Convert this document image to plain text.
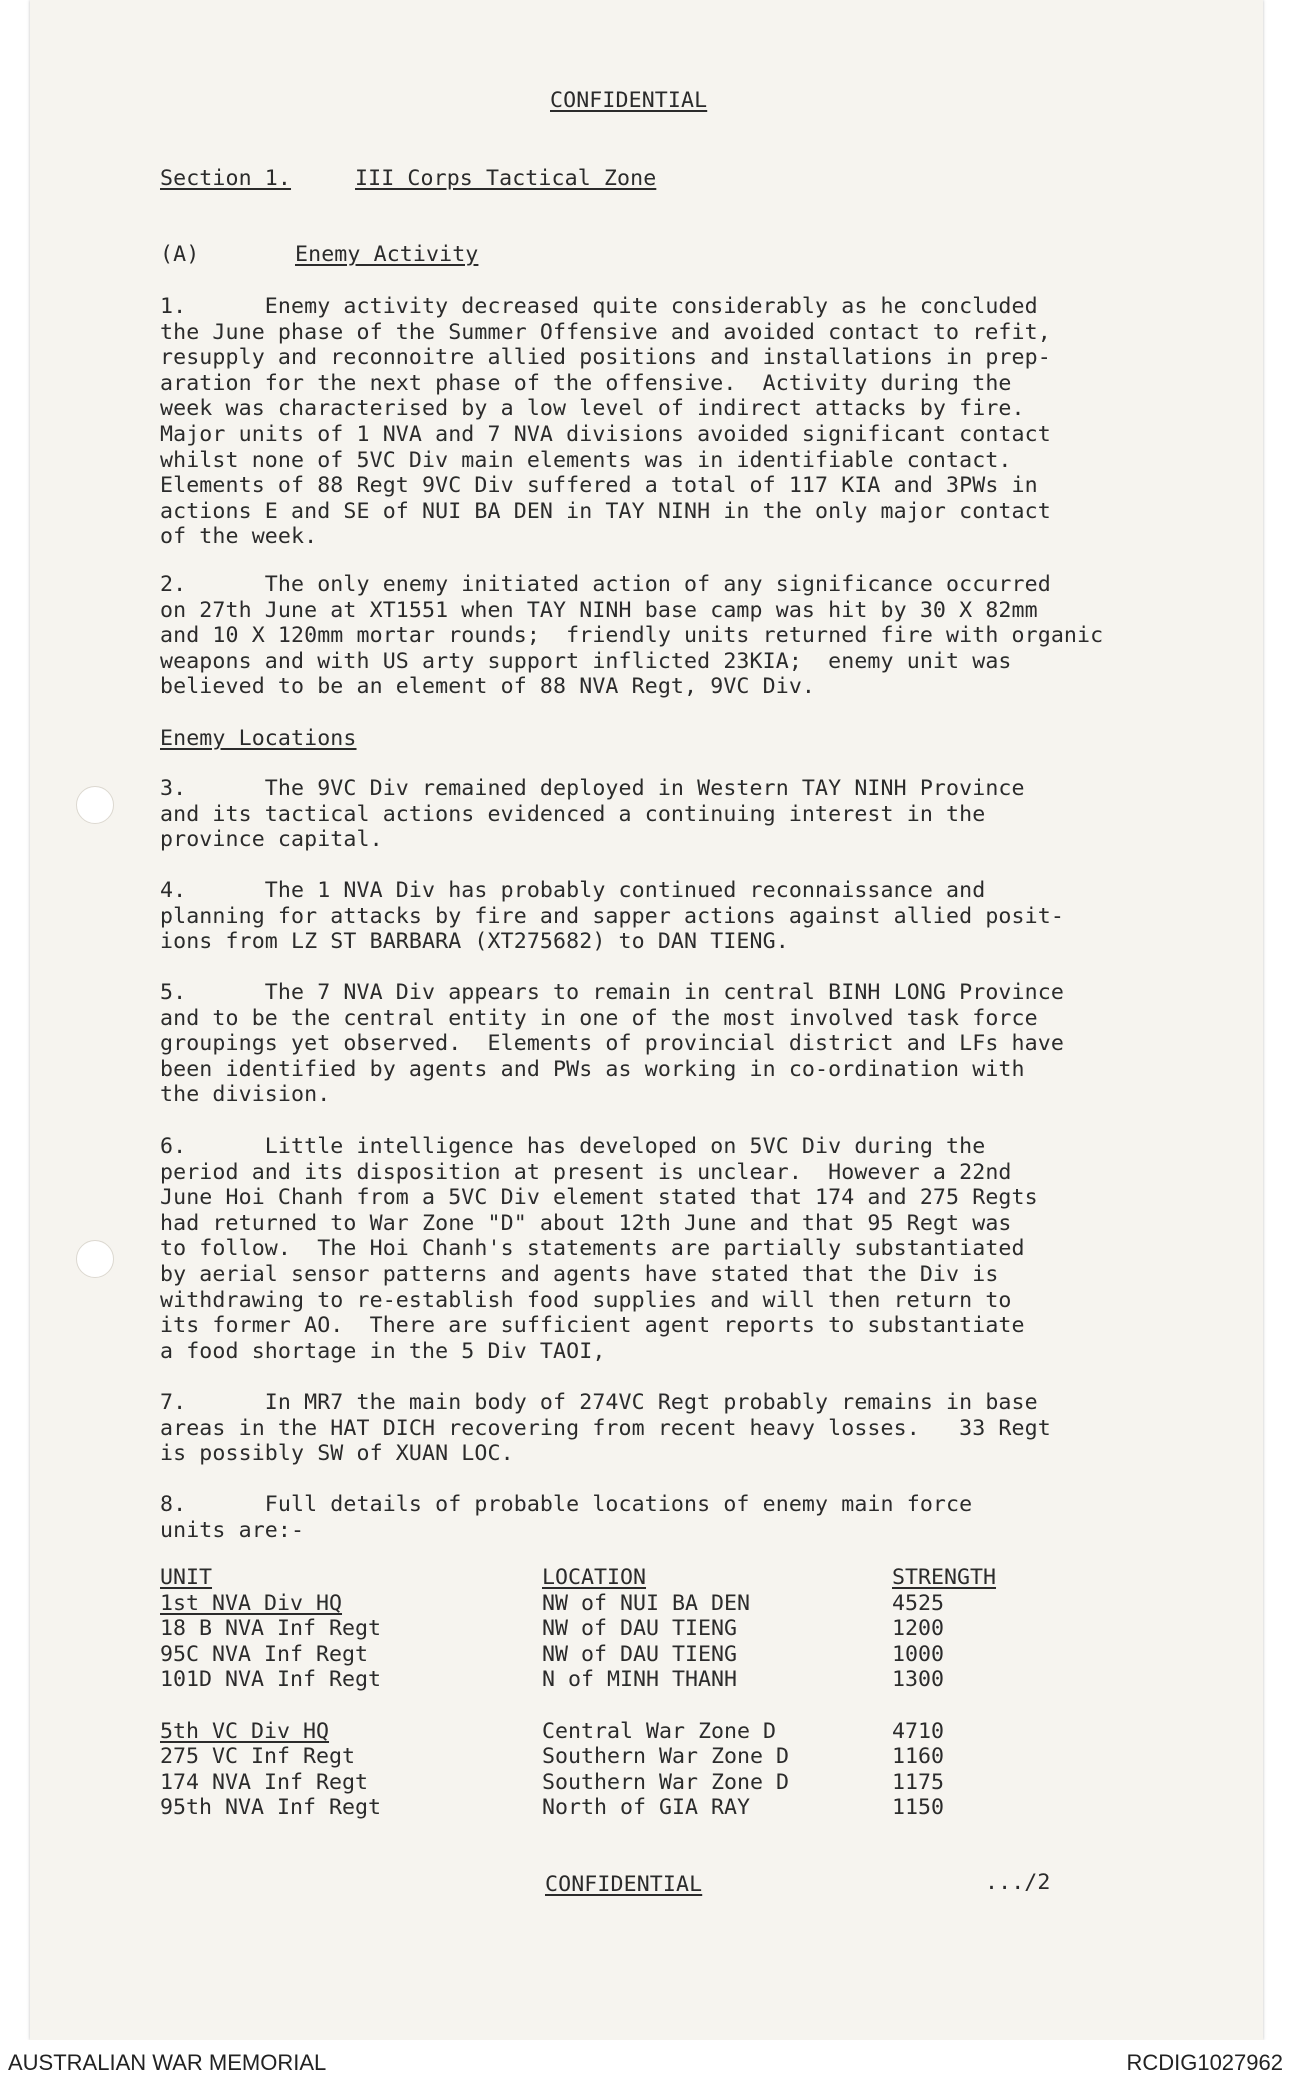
CONFIDENTIAL
Section 1.	III Corps Tactical Zone
(A)	Enemy Activity
1.      Enemy activity decreased quite considerably as he concluded
the June phase of the Summer Offensive and avoided contact to refit,
resupply and reconnoitre allied positions and installations in prep-
aration for the next phase of the offensive.  Activity during the
week was characterised by a low level of indirect attacks by fire.
Major units of 1 NVA and 7 NVA divisions avoided significant contact
whilst none of 5VC Div main elements was in identifiable contact.
Elements of 88 Regt 9VC Div suffered a total of 117 KIA and 3PWs in
actions E and SE of NUI BA DEN in TAY NINH in the only major contact
of the week.
2.      The only enemy initiated action of any significance occurred
on 27th June at XT1551 when TAY NINH base camp was hit by 30 X 82mm
and 10 X 120mm mortar rounds;  friendly units returned fire with organic
weapons and with US arty support inflicted 23KIA;  enemy unit was
believed to be an element of 88 NVA Regt, 9VC Div.
Enemy Locations
3.      The 9VC Div remained deployed in Western TAY NINH Province
and its tactical actions evidenced a continuing interest in the
province capital.
4.      The 1 NVA Div has probably continued reconnaissance and
planning for attacks by fire and sapper actions against allied posit-
ions from LZ ST BARBARA (XT275682) to DAN TIENG.
5.      The 7 NVA Div appears to remain in central BINH LONG Province
and to be the central entity in one of the most involved task force
groupings yet observed.  Elements of provincial district and LFs have
been identified by agents and PWs as working in co-ordination with
the division.
6.      Little intelligence has developed on 5VC Div during the
period and its disposition at present is unclear.  However a 22nd
June Hoi Chanh from a 5VC Div element stated that 174 and 275 Regts
had returned to War Zone "D" about 12th June and that 95 Regt was
to follow.  The Hoi Chanh's statements are partially substantiated
by aerial sensor patterns and agents have stated that the Div is
withdrawing to re-establish food supplies and will then return to
its former AO.  There are sufficient agent reports to substantiate
a food shortage in the 5 Div TAOI,
7.      In MR7 the main body of 274VC Regt probably remains in base
areas in the HAT DICH recovering from recent heavy losses.   33 Regt
is possibly SW of XUAN LOC.
8.      Full details of probable locations of enemy main force
units are:-
UNIT	LOCATION	STRENGTH
1st NVA Div HQ	NW of NUI BA DEN	4525
18 B NVA Inf Regt	NW of DAU TIENG	1200
95C NVA Inf Regt	NW of DAU TIENG	1000
101D NVA Inf Regt	N of MINH THANH	1300

5th VC Div HQ	Central War Zone D	4710
275 VC Inf Regt	Southern War Zone D	1160
174 NVA Inf Regt	Southern War Zone D	1175
95th NVA Inf Regt	North of GIA RAY	1150
CONFIDENTIAL	.../2
AUSTRALIAN WAR MEMORIAL	RCDIG1027962
